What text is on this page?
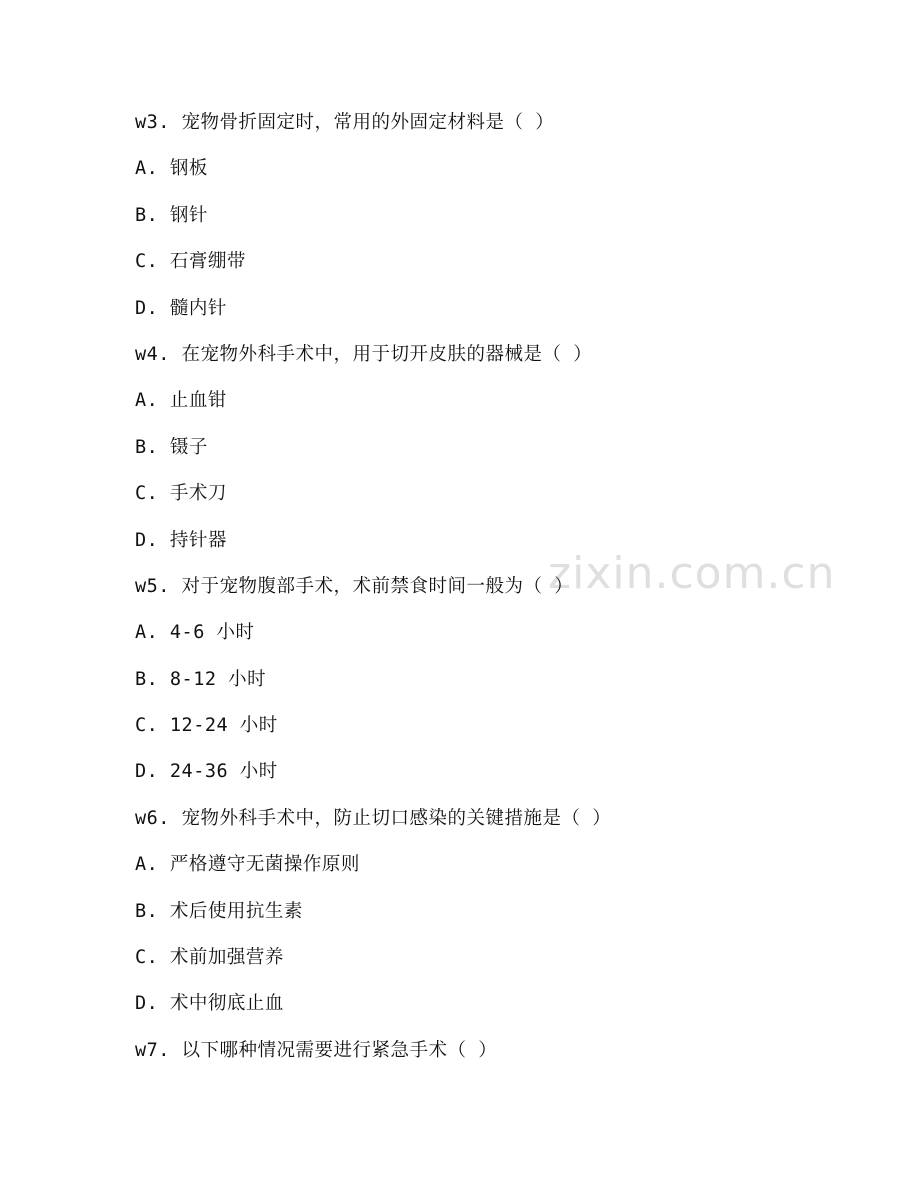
zixin.com.cn
w3. 宠物骨折固定时，常用的外固定材料是（ ）
A. 钢板
B. 钢针
C. 石膏绷带
D. 髓内针
w4. 在宠物外科手术中，用于切开皮肤的器械是（ ）
A. 止血钳
B. 镊子
C. 手术刀
D. 持针器
w5. 对于宠物腹部手术，术前禁食时间一般为（ ）
A. 4-6 小时
B. 8-12 小时
C. 12-24 小时
D. 24-36 小时
w6. 宠物外科手术中，防止切口感染的关键措施是（ ）
A. 严格遵守无菌操作原则
B. 术后使用抗生素
C. 术前加强营养
D. 术中彻底止血
w7. 以下哪种情况需要进行紧急手术（ ）
